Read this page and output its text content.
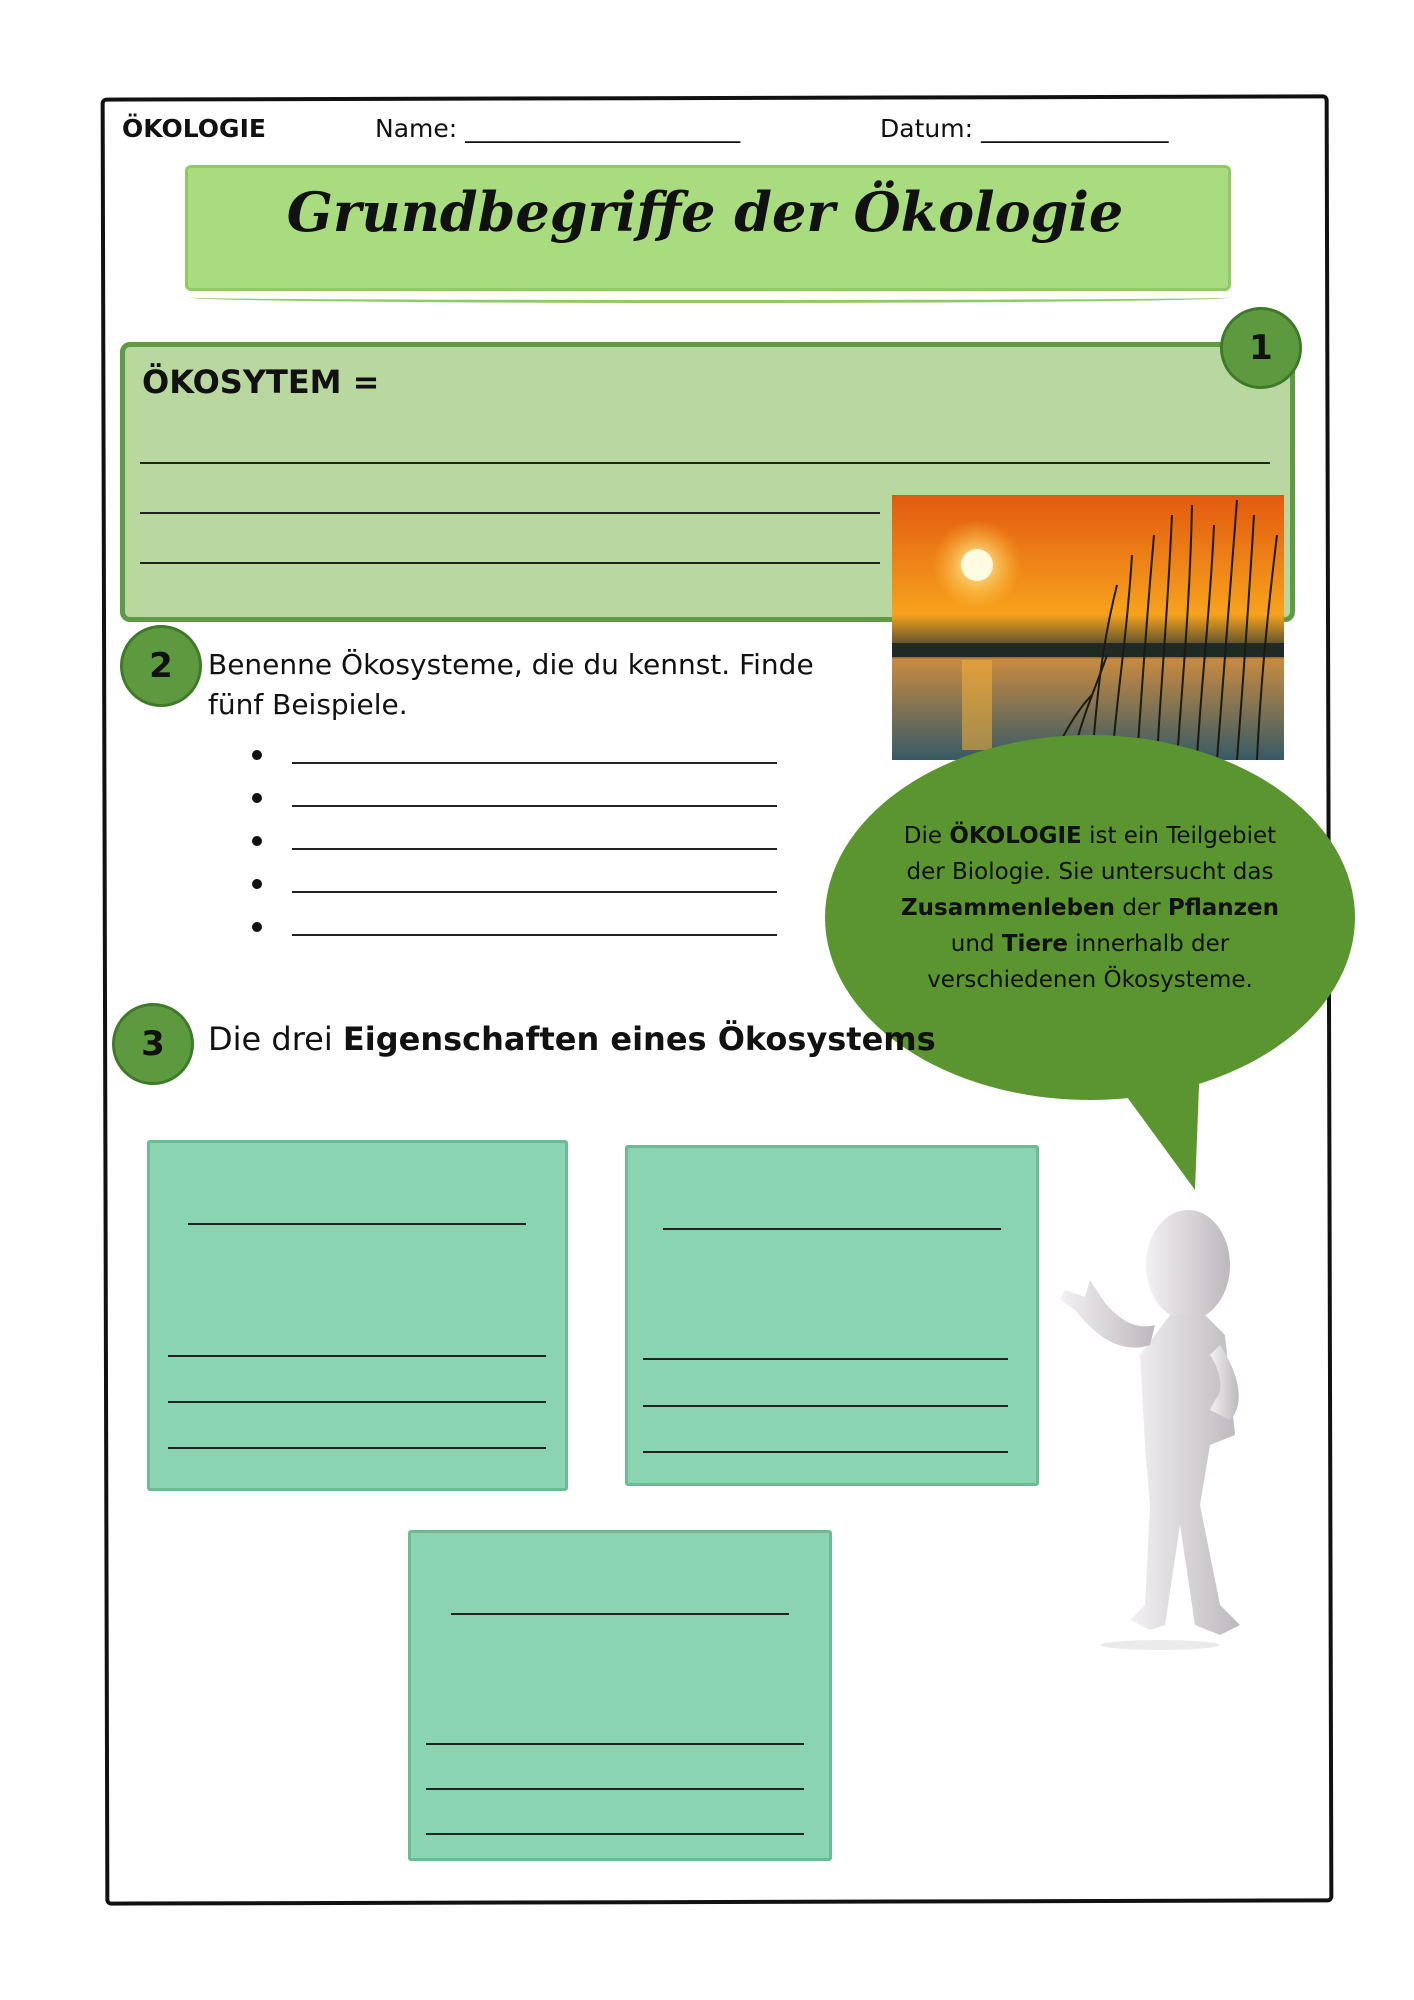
ÖKOLOGIE	Name: ______________________	Datum: _______________
Grundbegriffe der Ökologie
ÖKOSYTEM =
1
2 Benenne Ökosysteme, die du kennst. Finde fünf Beispiele.
Die ÖKOLOGIE ist ein Teilgebiet der Biologie. Sie untersucht das Zusammenleben der Pflanzen und Tiere innerhalb der verschiedenen Ökosysteme.
3 Die drei Eigenschaften eines Ökosystems
